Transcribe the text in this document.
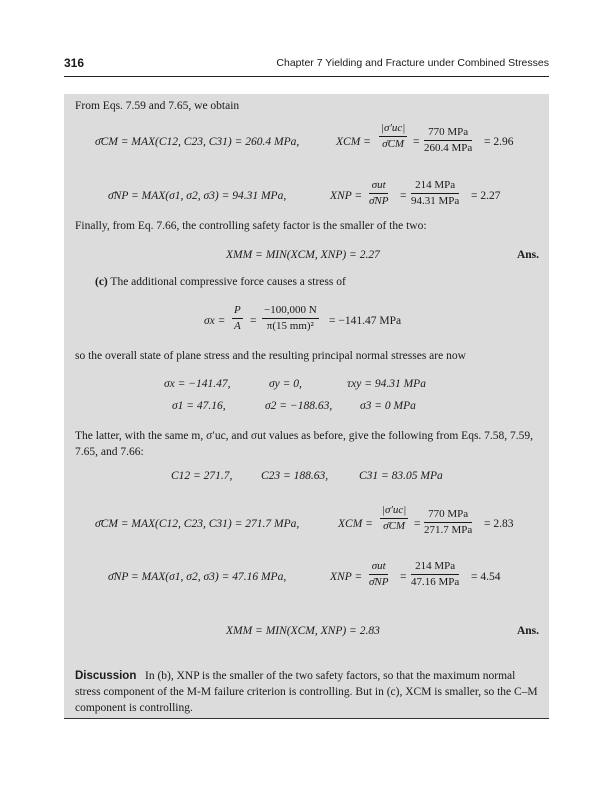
316	Chapter 7 Yielding and Fracture under Combined Stresses
From Eqs. 7.59 and 7.65, we obtain
σ̄CM = MAX(C12, C23, C31) = 260.4 MPa,	XCM = $\frac{|\sigma'uc|}{\sigmāCM}$ =
770 MPa
260.4 MPa = 2.96
σ̄NP = MAX(σ1, σ2, σ3) = 94.31 MPa,	XNP =
σut
σ̄NP =
214 MPa
94.31 MPa = 2.27
Finally, from Eq. 7.66, the controlling safety factor is the smaller of the two:
XMM = MIN(XCM, XNP) = 2.27	Ans.
(c) The additional compressive force causes a stress of
$\sigma x = \frac{P}{A} = \frac{-100,000 N}{\text{π(15 mm)²}} = -141.47$ MPa
so the overall state of plane stress and the resulting principal normal stresses are now
σx = −141.47,	σy = 0,	τxy = 94.31 MPa
σ1 = 47.16,	σ2 = −188.63, σ3 = 0 MPa
The latter, with the same m, σ′uc, and σut values as before, give the following from Eqs. 7.58, 7.59, 7.65, and 7.66:
C12 = 271.7, C23 = 188.63,	C31 = 83.05 MPa
σ̄CM = MAX(C12, C23, C31) = 271.7 MPa,	XCM = $\frac{|\sigma'uc|}{\sigmāCM}$ =
770 MPa
271.7 MPa = 2.83
σ̄NP = MAX(σ1, σ2, σ3) = 47.16 MPa,	XNP =
σut
σ̄NP =
214 MPa
47.16 MPa = 4.54
XMM = MIN(XCM, XNP) = 2.83	Ans.
Discussion In (b), XNP is the smaller of the two safety factors, so that the maximum normal stress component of the M-M failure criterion is controlling. But in (c), XCM is smaller, so the C–M component is controlling.
